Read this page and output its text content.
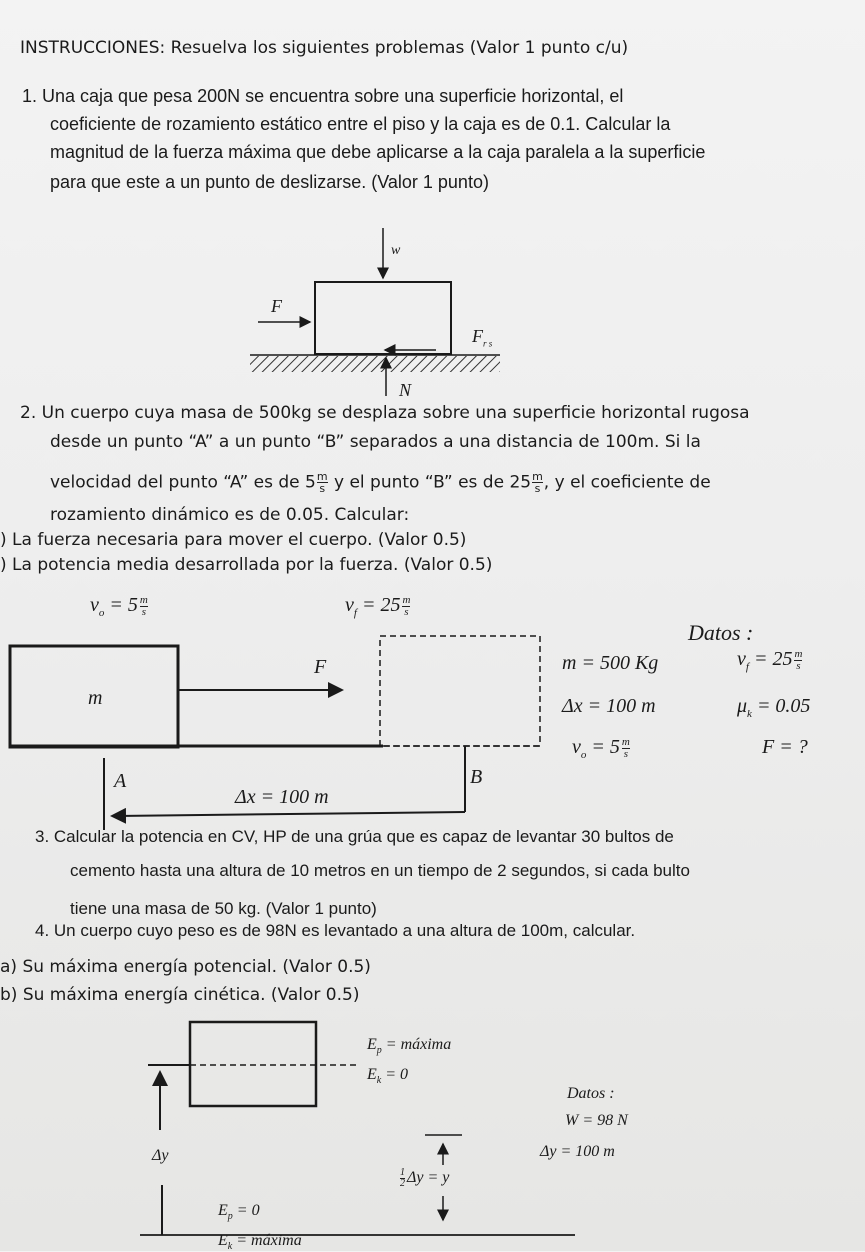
INSTRUCCIONES: Resuelva los siguientes problemas (Valor 1 punto c/u)
1. Una caja que pesa 200N se encuentra sobre una superficie horizontal, el
coeficiente de rozamiento estático entre el piso y la caja es de 0.1. Calcular la
magnitud de la fuerza máxima que debe aplicarse a la caja paralela a la superficie
para que este a un punto de deslizarse. (Valor 1 punto)
w
F
$F_{r s}$
N
2. Un cuerpo cuya masa de 500kg se desplaza sobre una superficie horizontal rugosa
desde un punto “A” a un punto “B” separados a una distancia de 100m. Si la
velocidad del punto “A” es de $5 \frac{m}{s}$ y el punto “B” es de $25 \frac{m}{s}$ , y el coeficiente de
rozamiento dinámico es de 0.05. Calcular:
) La fuerza necesaria para mover el cuerpo. (Valor 0.5)
) La potencia media desarrollada por la fuerza. (Valor 0.5)
$v_o = 5 \frac{m}{s}$	$v_f = 25 \frac{m}{s}$
m
F
A	B
Δx = 100 m
Datos :
m = 500 Kg	$v_f = 25 \frac{m}{s}$
Δx = 100 m	$\mu_k = 0.05$
$v_o = 5 \frac{m}{s}$	F = ?
3. Calcular la potencia en CV, HP de una grúa que es capaz de levantar 30 bultos de
cemento hasta una altura de 10 metros en un tiempo de 2 segundos, si cada bulto
tiene una masa de 50 kg. (Valor 1 punto)
4. Un cuerpo cuyo peso es de 98N es levantado a una altura de 100m, calcular.
a) Su máxima energía potencial. (Valor 0.5)
b) Su máxima energía cinética. (Valor 0.5)
$E_p$ = máxima
$E_k = 0$
Datos :
W = 98 N
Δy = 100 m
Δy
$\frac{1}{2}$ Δy = y
$E_p = 0$
$E_k$ = máxima
